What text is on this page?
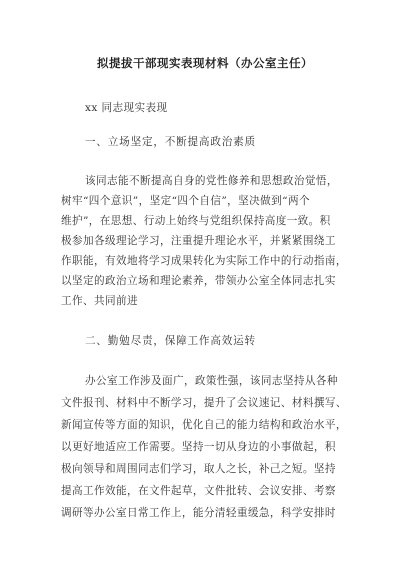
拟提拔干部现实表现材料（办公室主任）
xx 同志现实表现
一、立场坚定，不断提高政治素质
该同志能不断提高自身的党性修养和思想政治觉悟，
树牢“四个意识”，坚定“四个自信”，坚决做到“两个
维护”，在思想、行动上始终与党组织保持高度一致。积
极参加各级理论学习，注重提升理论水平，并紧紧围绕工
作职能，有效地将学习成果转化为实际工作中的行动指南，
以坚定的政治立场和理论素养，带领办公室全体同志扎实
工作、共同前进
二、勤勉尽责，保障工作高效运转
办公室工作涉及面广，政策性强，该同志坚持从各种
文件报刊、材料中不断学习，提升了会议速记、材料撰写、
新闻宣传等方面的知识，优化自己的能力结构和政治水平，
以更好地适应工作需要。坚持一切从身边的小事做起，积
极向领导和周围同志们学习，取人之长，补己之短。坚持
提高工作效能，在文件起草，文件批转、会议安排、考察
调研等办公室日常工作上，能分清轻重缓急，科学安排时
